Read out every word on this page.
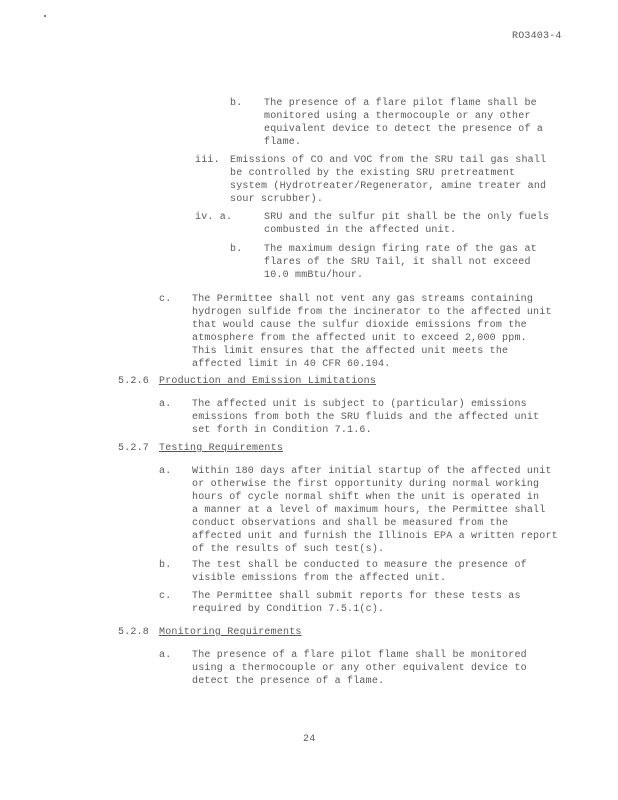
RO3403-4
b. The presence of a flare pilot flame shall be
monitored using a thermocouple or any other
equivalent device to detect the presence of a
flame.
iii. Emissions of CO and VOC from the SRU tail gas shall
be controlled by the existing SRU pretreatment
system (Hydrotreater/Regenerator, amine treater and
sour scrubber).
iv. a.	SRU and the sulfur pit shall be the only fuels
combusted in the affected unit.
b. The maximum design firing rate of the gas at
flares of the SRU Tail, it shall not exceed
10.0 mmBtu/hour.
c. The Permittee shall not vent any gas streams containing
hydrogen sulfide from the incinerator to the affected unit
that would cause the sulfur dioxide emissions from the
atmosphere from the affected unit to exceed 2,000 ppm.
This limit ensures that the affected unit meets the
affected limit in 40 CFR 60.104.
5.2.6 Production and Emission Limitations
a. The affected unit is subject to (particular) emissions
emissions from both the SRU fluids and the affected unit
set forth in Condition 7.1.6.
5.2.7 Testing Requirements
a. Within 180 days after initial startup of the affected unit
or otherwise the first opportunity during normal working
hours of cycle normal shift when the unit is operated in
a manner at a level of maximum hours, the Permittee shall
conduct observations and shall be measured from the
affected unit and furnish the Illinois EPA a written report
of the results of such test(s).
b. The test shall be conducted to measure the presence of
visible emissions from the affected unit.
c. The Permittee shall submit reports for these tests as
required by Condition 7.5.1(c).
5.2.8 Monitoring Requirements
a. The presence of a flare pilot flame shall be monitored
using a thermocouple or any other equivalent device to
detect the presence of a flame.
24
